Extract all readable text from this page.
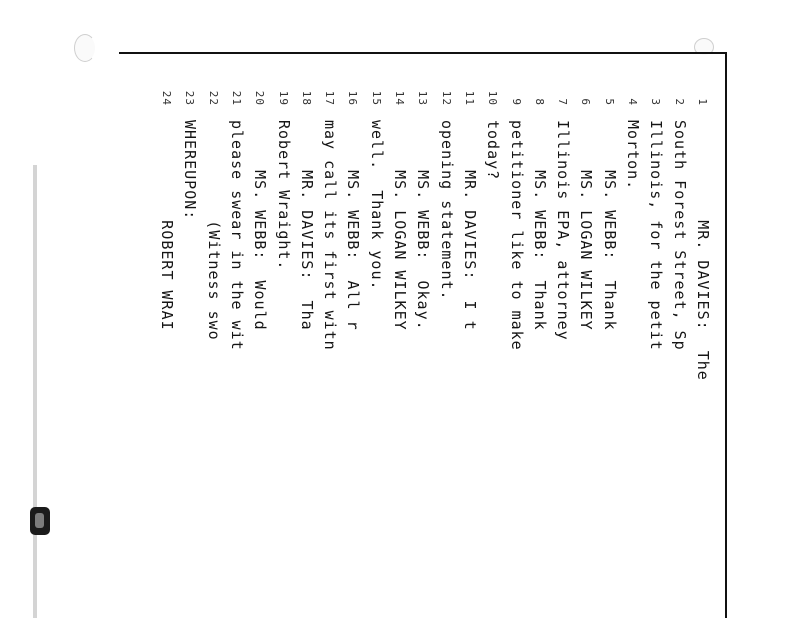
1
MR. DAVIES:  The
2
South Forest Street, Sp
3
Illinois, for the petit
4
Morton.
5
MS. WEBB:  Thank
6
MS. LOGAN WILKEY
7
Illinois EPA, attorney
8
MS. WEBB:  Thank
9
petitioner like to make
10
today?
11
MR. DAVIES:  I t
12
opening statement.
13
MS. WEBB:  Okay.
14
MS. LOGAN WILKEY
15
well.  Thank you.
16
MS. WEBB:  All r
17
may call its first witn
18
MR. DAVIES:  Tha
19
Robert Wraight.
20
MS. WEBB:  Would
21
please swear in the wit
22
(Witness swo
23
WHEREUPON:
24
ROBERT WRAI
